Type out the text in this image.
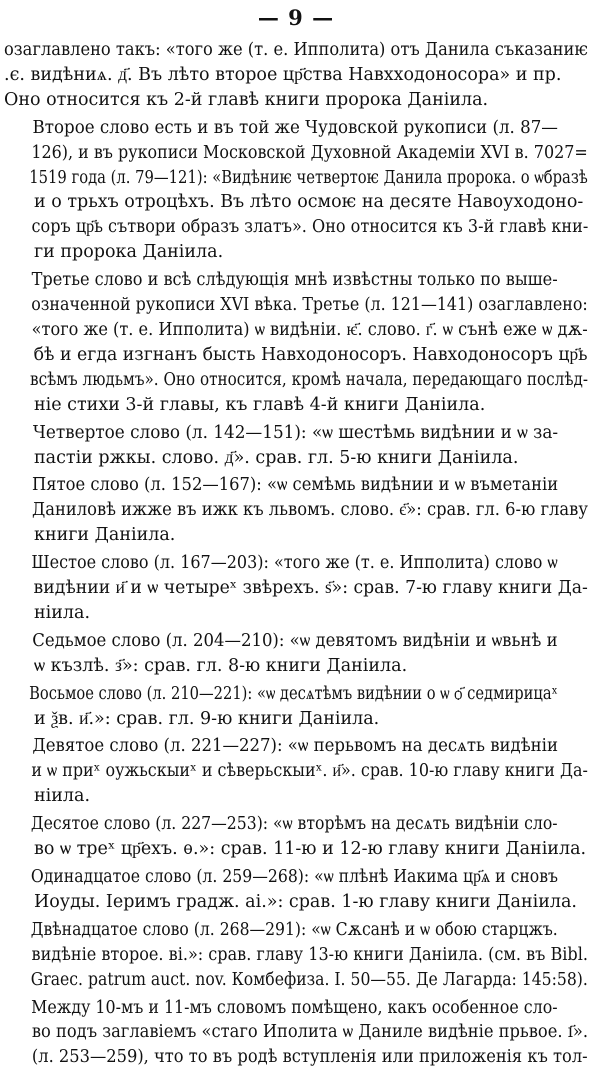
— 9 —

озаглавлено такъ: «того же (т. е. Ипполита) отъ Данила съказаниѥ
.є. видѣниѧ. д҃. Въ лѣто второе цр҃ства Навхходоносора» и пр.
Оно относится къ 2-й главѣ книги пророка Даніила.

Второе слово есть и въ той же Чудовской рукописи (л. 87—
126), и въ рукописи Московской Духовной Академіи XVI в. 7027=
1519 года (л. 79—121): «Видѣниѥ четвертоѥ Данила пророка. о ѡбразѣ
и о трьхъ отроцѣхъ. Въ лѣто осмоѥ на десяте Навоуходоно-
соръ цр҃ь сътвори образъ златъ». Оно относится къ 3-й главѣ кни-
ги пророка Даніила.

Третье слово и всѣ слѣдующія мнѣ извѣстны только по выше-
означенной рукописи XVI вѣка. Третье (л. 121—141) озаглавлено:
«того же (т. е. Ипполита) ѡ видѣніи. ѥ҃. слово. г҃. ѡ сънѣ еже ѡ дѫ-
бѣ и егда изгнанъ бысть Навходоносоръ. Навходоносоръ цр҃ь
всѣмъ людьмъ». Оно относится, кромѣ начала, передающаго послѣд-
ніе стихи 3-й главы, къ главѣ 4-й книги Даніила.

Четвертое слово (л. 142—151): «ѡ шестѣмь видѣнии и ѡ за-
пастіи ржкы. слово. д҃». срав. гл. 5-ю книги Даніила.

Пятое слово (л. 152—167): «ѡ семѣмь видѣнии и ѡ въметаніи
Даниловѣ ижже въ ижк къ львомъ. слово. є҃»: срав. гл. 6-ю главу
книги Даніила.

Шестое слово (л. 167—203): «того же (т. е. Ипполита) слово ѡ
видѣнии и҃ и ѡ четыреˣ звѣрехъ. ѕ҃»: срав. 7-ю главу книги Да-
ніила.

Седьмое слово (л. 204—210): «ѡ девятомъ видѣніи и ѡвьнѣ и
ѡ къзлѣ. з҃»: срав. гл. 8-ю книги Даніила.

Восьмое слово (л. 210—221): «ѡ десѧтѣмъ видѣнии о ѡ ѻ҃ седмирицаˣ
и ѯв. и҃.»: срав. гл. 9-ю книги Даніила.

Девятое слово (л. 221—227): «ѡ пеpьвомъ на десѧть видѣніи
и ѡ приˣ оужьскыиˣ и сѣверьскыиˣ. и҃». срав. 10-ю главу книги Да-
ніила.

Десятое слово (л. 227—253): «ѡ вторѣмъ на десѧть видѣніи сло-
во ѡ треˣ цр҃ехъ. ѳ.»: срав. 11-ю и 12-ю главу книги Даніила.

Одинадцатое слово (л. 259—268): «ѡ плѣнѣ Иакима цр҃ѧ и сновъ
Иоуды. Іеримъ градж. аі.»: срав. 1-ю главу книги Даніила.

Двѣнадцатое слово (л. 268—291): «ѡ Сѫсанѣ и ѡ обою старцжъ.
видѣніе второе. ві.»: срав. главу 13-ю книги Даніила. (см. въ Bibl.
Graec. patrum auct. nov. Комбефиза. I. 50—55. Де Лагарда: 145:58).

Между 10-мъ и 11-мъ словомъ помѣщено, какъ особенное сло-
во подъ заглавіемъ «стаго Иполита ѡ Даниле видѣніе прьвое. ı҃».
(л. 253—259), что то въ родѣ вступленія или приложенія къ тол-
